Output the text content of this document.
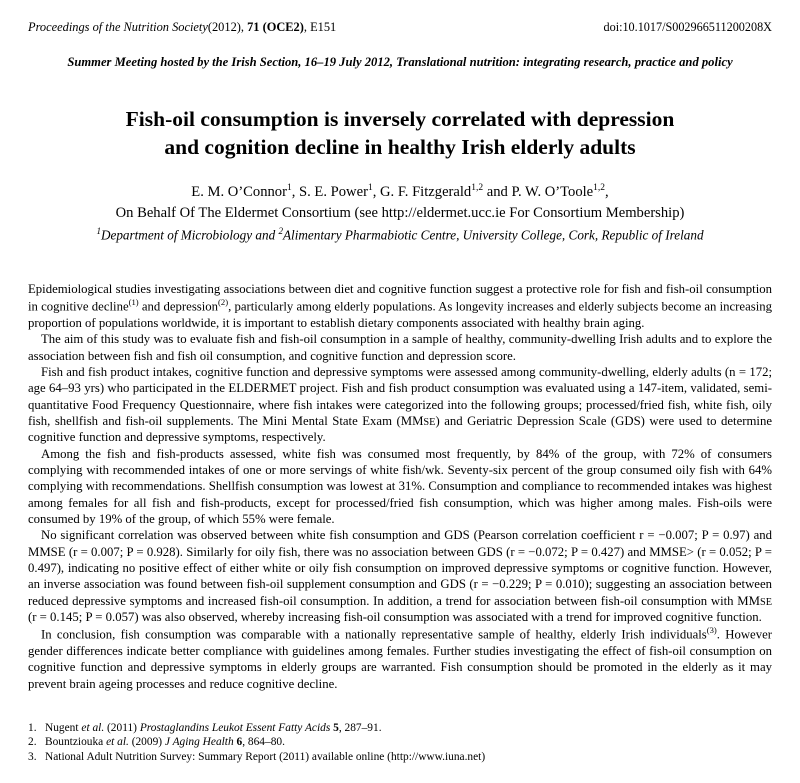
Proceedings of the Nutrition Society(2012), 71 (OCE2), E151	doi:10.1017/S002966511200208X
Summer Meeting hosted by the Irish Section, 16–19 July 2012, Translational nutrition: integrating research, practice and policy
Fish-oil consumption is inversely correlated with depression
and cognition decline in healthy Irish elderly adults
E. M. O’Connor$^1$, S. E. Power$^1$, G. F. Fitzgerald$^{1,2}$ and P. W. O’Toole$^{1,2}$,
On Behalf Of The Eldermet Consortium (see http://eldermet.ucc.ie For Consortium Membership)
$^1$Department of Microbiology and $^2$Alimentary Pharmabiotic Centre, University College, Cork, Republic of Ireland

Epidemiological studies investigating associations between diet and cognitive function suggest a protective role for fish and fish-oil consumption in cognitive decline$^{(1)}$ and depression$^{(2)}$, particularly among elderly populations. As longevity increases and elderly subjects become an increasing proportion of populations worldwide, it is important to establish dietary components associated with healthy brain aging.

The aim of this study was to evaluate fish and fish-oil consumption in a sample of healthy, community-dwelling Irish adults and to explore the association between fish and fish oil consumption, and cognitive function and depression score.

Fish and fish product intakes, cognitive function and depressive symptoms were assessed among community-dwelling, elderly adults (n = 172; age 64–93 yrs) who participated in the ELDERMET project. Fish and fish product consumption was evaluated using a 147-item, validated, semi-quantitative Food Frequency Questionnaire, where fish intakes were categorized into the following groups; processed/fried fish, white fish, oily fish, shellfish and fish-oil supplements. The Mini Mental State Exam (MMSE) and Geriatric Depression Scale (GDS) were used to determine cognitive function and depressive symptoms, respectively.

Among the fish and fish-products assessed, white fish was consumed most frequently, by 84% of the group, with 72% of consumers complying with recommended intakes of one or more servings of white fish/wk. Seventy-six percent of the group consumed oily fish with 64% complying with recommendations. Shellfish consumption was lowest at 31%. Consumption and compliance to recommended intakes was highest among females for all fish and fish-products, except for processed/fried fish consumption, which was higher among males. Fish-oils were consumed by 19% of the group, of which 55% were female.

No significant correlation was observed between white fish consumption and GDS (Pearson correlation coefficient r = −0.007; P = 0.97) and MMSE (r = 0.007; P = 0.928). Similarly for oily fish, there was no association between GDS (r = −0.072; P = 0.427) and MMSE> (r = 0.052; P = 0.497), indicating no positive effect of either white or oily fish consumption on improved depressive symptoms or cognitive function. However, an inverse association was found between fish-oil supplement consumption and GDS (r = −0.229; P = 0.010); suggesting an association between reduced depressive symptoms and increased fish-oil consumption. In addition, a trend for association between fish-oil consumption with MMSE (r = 0.145; P = 0.057) was also observed, whereby increasing fish-oil consumption was associated with a trend for improved cognitive function.

In conclusion, fish consumption was comparable with a nationally representative sample of healthy, elderly Irish individuals$^{(3)}$. However gender differences indicate better compliance with guidelines among females. Further studies investigating the effect of fish-oil consumption on cognitive function and depressive symptoms in elderly groups are warranted. Fish consumption should be promoted in the elderly as it may prevent brain ageing processes and reduce cognitive decline.

1. Nugent et al. (2011) Prostaglandins Leukot Essent Fatty Acids 5, 287–91.
2. Bountziouka et al. (2009) J Aging Health 6, 864–80.
3. National Adult Nutrition Survey: Summary Report (2011) available online (http://www.iuna.net)
